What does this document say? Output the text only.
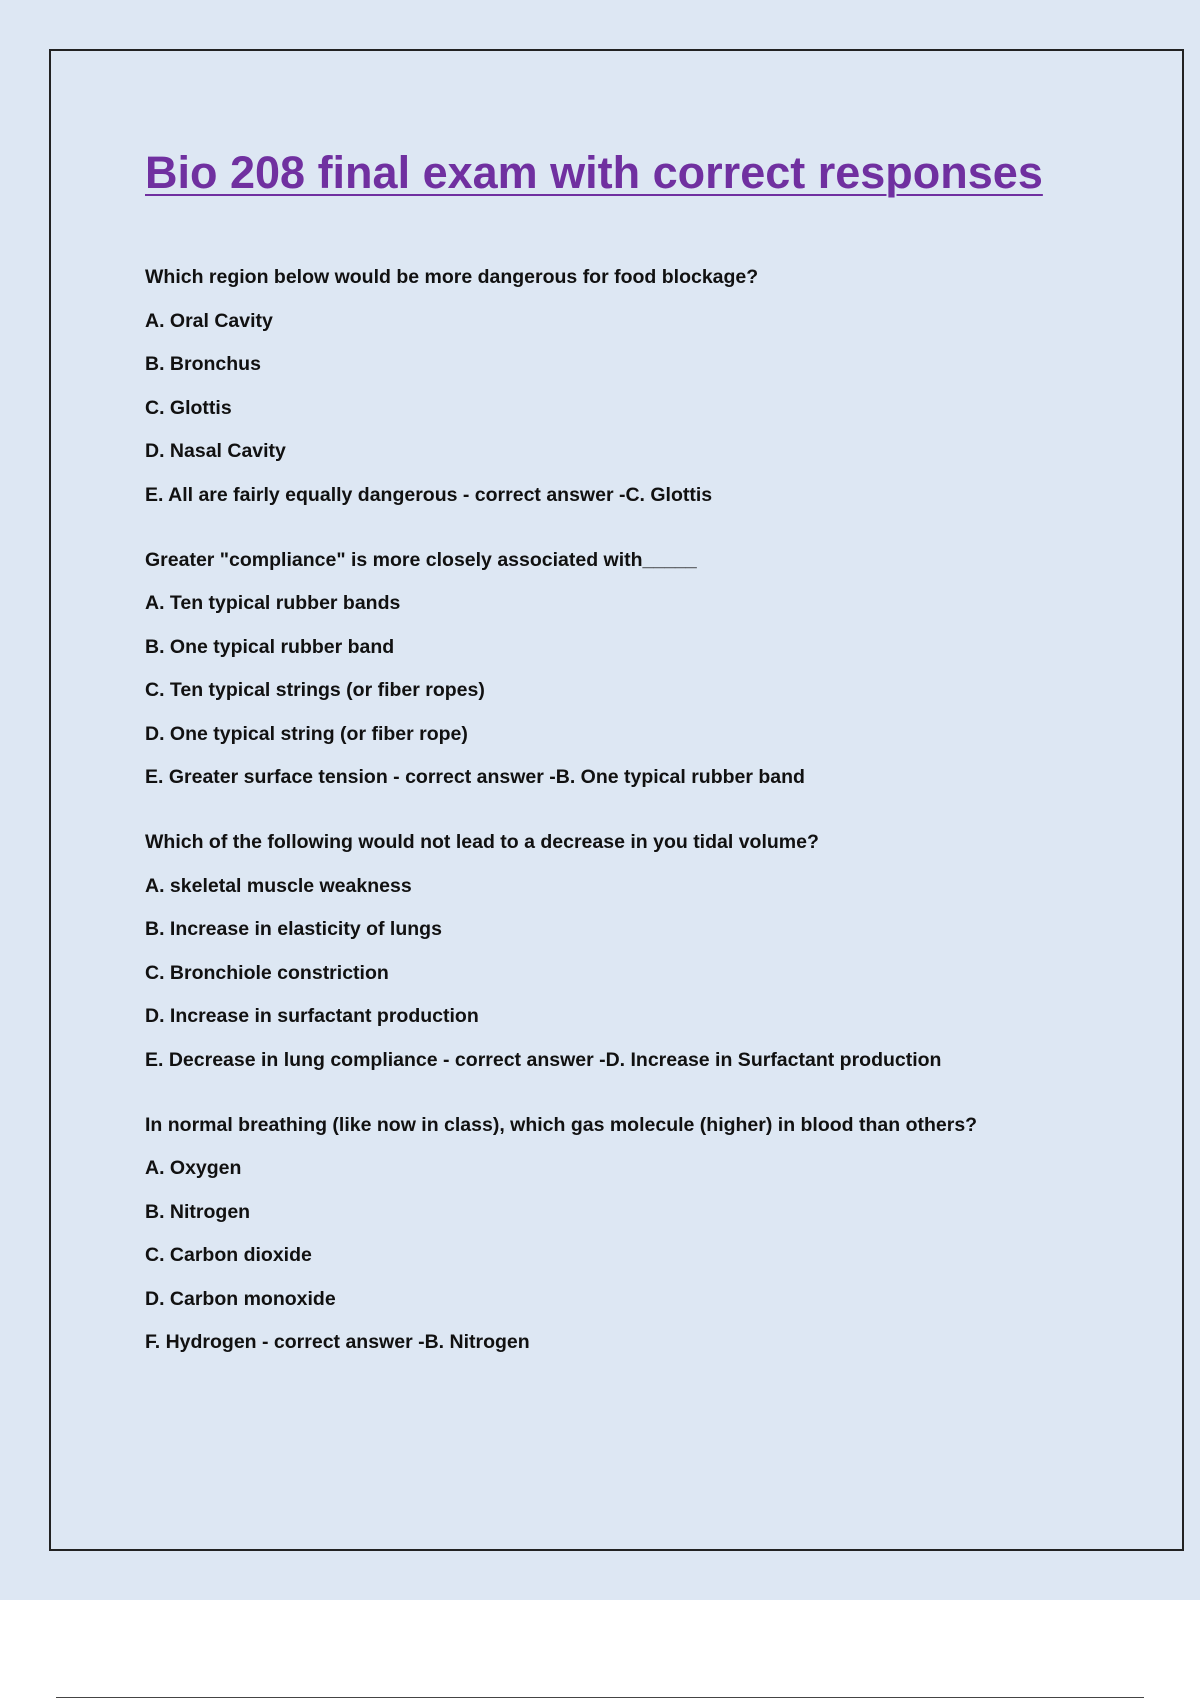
Bio 208 final exam with correct responses
Which region below would be more dangerous for food blockage?
A. Oral Cavity
B. Bronchus
C. Glottis
D. Nasal Cavity
E. All are fairly equally dangerous - correct answer -C. Glottis
Greater "compliance" is more closely associated with_____
A. Ten typical rubber bands
B. One typical rubber band
C. Ten typical strings (or fiber ropes)
D. One typical string (or fiber rope)
E. Greater surface tension - correct answer -B. One typical rubber band
Which of the following would not lead to a decrease in you tidal volume?
A. skeletal muscle weakness
B. Increase in elasticity of lungs
C. Bronchiole constriction
D. Increase in surfactant production
E. Decrease in lung compliance - correct answer -D. Increase in Surfactant production
In normal breathing (like now in class), which gas molecule (higher) in blood than others?
A. Oxygen
B. Nitrogen
C. Carbon dioxide
D. Carbon monoxide
F. Hydrogen - correct answer -B. Nitrogen
